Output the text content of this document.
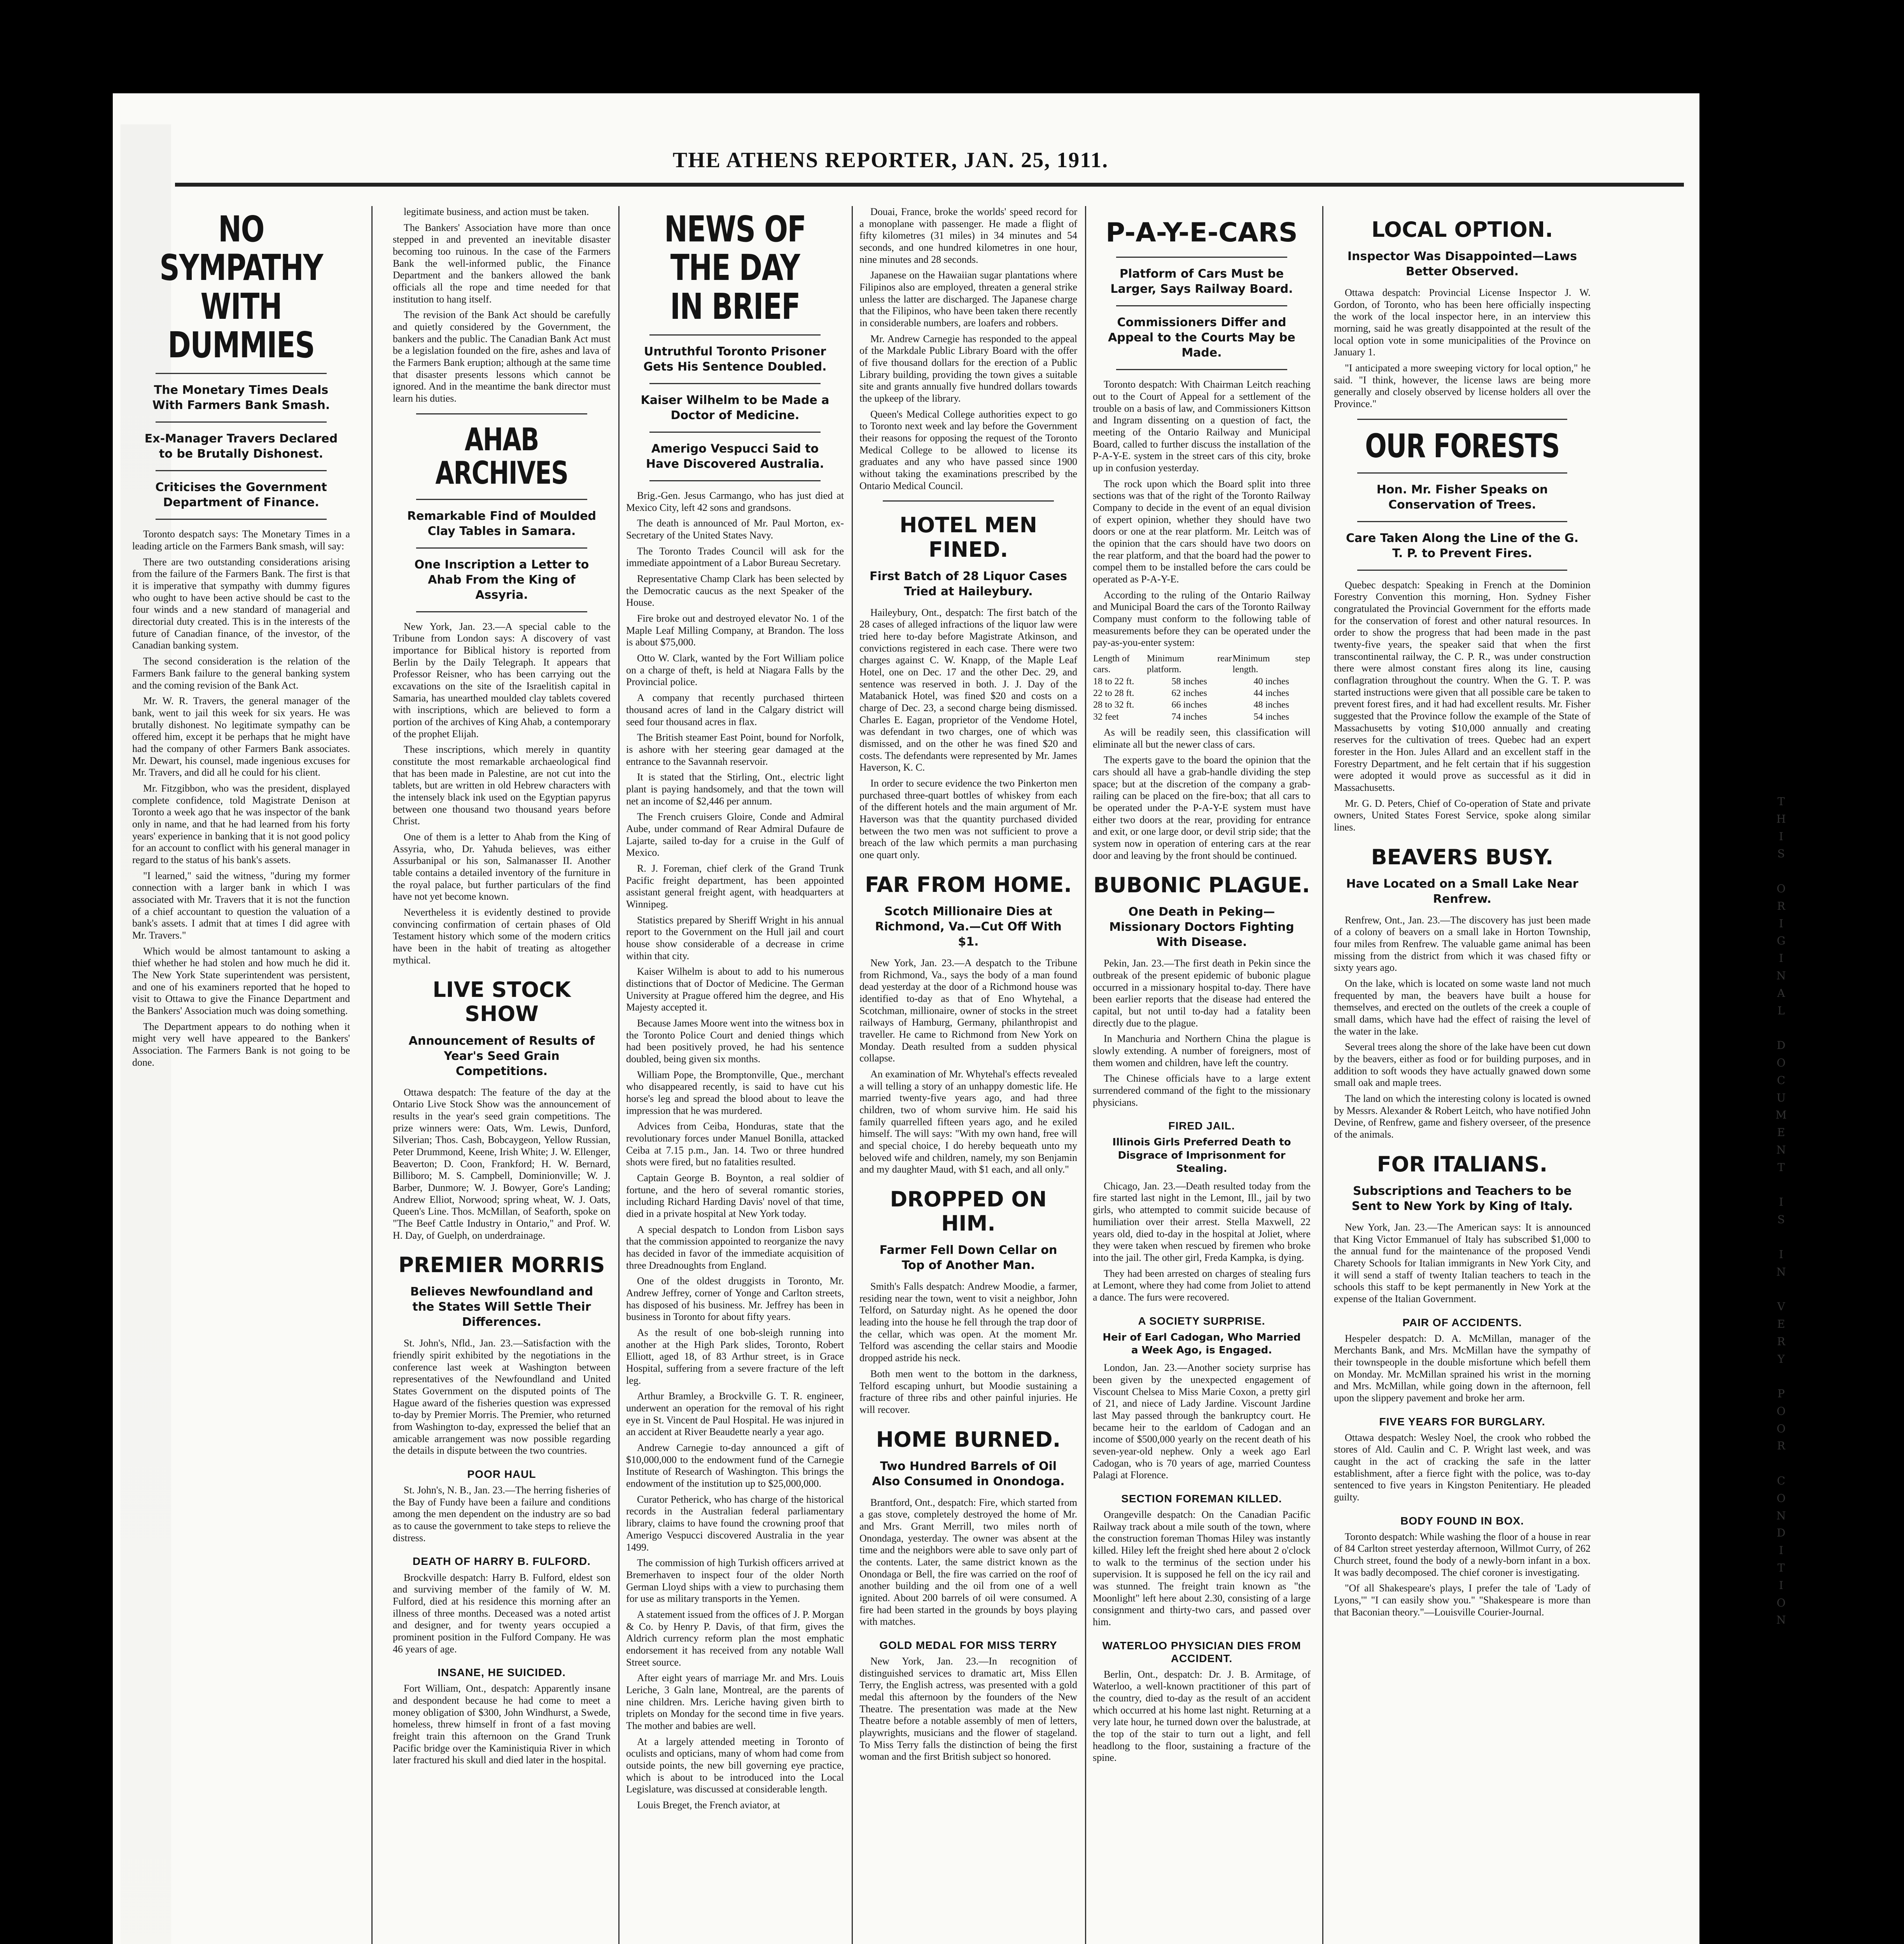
THE ATHENS REPORTER, JAN. 25, 1911.
NO SYMPATHY WITH DUMMIES
The Monetary Times Deals With Farmers Bank Smash.
Ex-Manager Travers Declared to be Brutally Dishonest.
Criticises the Government Department of Finance.

Toronto despatch says: The Monetary Times in a leading article on the Farmers Bank smash, will say:

There are two outstanding considerations arising from the failure of the Farmers Bank. The first is that it is imperative that sympathy with dummy figures who ought to have been active should be cast to the four winds and a new standard of managerial and directorial duty created. This is in the interests of the future of Canadian finance, of the investor, of the Canadian banking system.

The second consideration is the relation of the Farmers Bank failure to the general banking system and the coming revision of the Bank Act.

Mr. W. R. Travers, the general manager of the bank, went to jail this week for six years. He was brutally dishonest. No legitimate sympathy can be offered him, except it be perhaps that he might have had the company of other Farmers Bank associates. Mr. Dewart, his counsel, made ingenious excuses for Mr. Travers, and did all he could for his client.

Mr. Fitzgibbon, who was the president, displayed complete confidence, told Magistrate Denison at Toronto a week ago that he was inspector of the bank only in name, and that he had learned from his forty years' experience in banking that it is not good policy for an account to conflict with his general manager in regard to the status of his bank's assets.

"I learned," said the witness, "during my former connection with a larger bank in which I was associated with Mr. Travers that it is not the function of a chief accountant to question the valuation of a bank's assets. I admit that at times I did agree with Mr. Travers."

Which would be almost tantamount to asking a thief whether he had stolen and how much he did it. The New York State superintendent was persistent, and one of his examiners reported that he hoped to visit to Ottawa to give the Finance Department and the Bankers' Association much was doing something.

The Department appears to do nothing when it might very well have appeared to the Bankers' Association. The Farmers Bank is not going to be done.

legitimate business, and action must be taken.

The Bankers' Association have more than once stepped in and prevented an inevitable disaster becoming too ruinous. In the case of the Farmers Bank the well-informed public, the Finance Department and the bankers allowed the bank officials all the rope and time needed for that institution to hang itself.

The revision of the Bank Act should be carefully and quietly considered by the Government, the bankers and the public. The Canadian Bank Act must be a legislation founded on the fire, ashes and lava of the Farmers Bank eruption; although at the same time that disaster presents lessons which cannot be ignored. And in the meantime the bank director must learn his duties.

AHAB ARCHIVES
Remarkable Find of Moulded Clay Tables in Samara.
One Inscription a Letter to Ahab From the King of Assyria.

New York, Jan. 23.—A special cable to the Tribune from London says: A discovery of vast importance for Biblical history is reported from Berlin by the Daily Telegraph. It appears that Professor Reisner, who has been carrying out the excavations on the site of the Israelitish capital in Samaria, has unearthed moulded clay tablets covered with inscriptions, which are believed to form a portion of the archives of King Ahab, a contemporary of the prophet Elijah.

These inscriptions, which merely in quantity constitute the most remarkable archaeological find that has been made in Palestine, are not cut into the tablets, but are written in old Hebrew characters with the intensely black ink used on the Egyptian papyrus between one thousand two thousand years before Christ.

One of them is a letter to Ahab from the King of Assyria, who, Dr. Yahuda believes, was either Assurbanipal or his son, Salmanasser II. Another table contains a detailed inventory of the furniture in the royal palace, but further particulars of the find have not yet become known.

Nevertheless it is evidently destined to provide convincing confirmation of certain phases of Old Testament history which some of the modern critics have been in the habit of treating as altogether mythical.

LIVE STOCK SHOW
Announcement of Results of Year's Seed Grain Competitions.

Ottawa despatch: The feature of the day at the Ontario Live Stock Show was the announcement of results in the year's seed grain competitions. The prize winners were: Oats, Wm. Lewis, Dunford, Silverian; Thos. Cash, Bobcaygeon, Yellow Russian, Peter Drummond, Keene, Irish White; J. W. Ellenger, Beaverton; D. Coon, Frankford; H. W. Bernard, Billiboro; M. S. Campbell, Dominionville; W. J. Barber, Dunmore; W. J. Bowyer, Gore's Landing; Andrew Elliot, Norwood; spring wheat, W. J. Oats, Queen's Line. Thos. McMillan, of Seaforth, spoke on "The Beef Cattle Industry in Ontario," and Prof. W. H. Day, of Guelph, on underdrainage.

PREMIER MORRIS
Believes Newfoundland and the States Will Settle Their Differences.

St. John's, Nfld., Jan. 23.—Satisfaction with the friendly spirit exhibited by the negotiations in the conference last week at Washington between representatives of the Newfoundland and United States Government on the disputed points of The Hague award of the fisheries question was expressed to-day by Premier Morris. The Premier, who returned from Washington to-day, expressed the belief that an amicable arrangement was now possible regarding the details in dispute between the two countries.

POOR HAUL

St. John's, N. B., Jan. 23.—The herring fisheries of the Bay of Fundy have been a failure and conditions among the men dependent on the industry are so bad as to cause the government to take steps to relieve the distress.

DEATH OF HARRY B. FULFORD.

Brockville despatch: Harry B. Fulford, eldest son and surviving member of the family of W. M. Fulford, died at his residence this morning after an illness of three months. Deceased was a noted artist and designer, and for twenty years occupied a prominent position in the Fulford Company. He was 46 years of age.

INSANE, HE SUICIDED.

Fort William, Ont., despatch: Apparently insane and despondent because he had come to meet a money obligation of $300, John Windhurst, a Swede, homeless, threw himself in front of a fast moving freight train this afternoon on the Grand Trunk Pacific bridge over the Kaministiquia River in which later fractured his skull and died later in the hospital.

NEWS OF THE DAY IN BRIEF
Untruthful Toronto Prisoner Gets His Sentence Doubled.
Kaiser Wilhelm to be Made a Doctor of Medicine.
Amerigo Vespucci Said to Have Discovered Australia.

Brig.-Gen. Jesus Carmango, who has just died at Mexico City, left 42 sons and grandsons.

The death is announced of Mr. Paul Morton, ex-Secretary of the United States Navy.

The Toronto Trades Council will ask for the immediate appointment of a Labor Bureau Secretary.

Representative Champ Clark has been selected by the Democratic caucus as the next Speaker of the House.

Fire broke out and destroyed elevator No. 1 of the Maple Leaf Milling Company, at Brandon. The loss is about $75,000.

Otto W. Clark, wanted by the Fort William police on a charge of theft, is held at Niagara Falls by the Provincial police.

A company that recently purchased thirteen thousand acres of land in the Calgary district will seed four thousand acres in flax.

The British steamer East Point, bound for Norfolk, is ashore with her steering gear damaged at the entrance to the Savannah reservoir.

It is stated that the Stirling, Ont., electric light plant is paying handsomely, and that the town will net an income of $2,446 per annum.

The French cruisers Gloire, Conde and Admiral Aube, under command of Rear Admiral Dufaure de Lajarte, sailed to-day for a cruise in the Gulf of Mexico.

R. J. Foreman, chief clerk of the Grand Trunk Pacific freight department, has been appointed assistant general freight agent, with headquarters at Winnipeg.

Statistics prepared by Sheriff Wright in his annual report to the Government on the Hull jail and court house show considerable of a decrease in crime within that city.

Kaiser Wilhelm is about to add to his numerous distinctions that of Doctor of Medicine. The German University at Prague offered him the degree, and His Majesty accepted it.

Because James Moore went into the witness box in the Toronto Police Court and denied things which had been positively proved, he had his sentence doubled, being given six months.

William Pope, the Bromptonville, Que., merchant who disappeared recently, is said to have cut his horse's leg and spread the blood about to leave the impression that he was murdered.

Advices from Ceiba, Honduras, state that the revolutionary forces under Manuel Bonilla, attacked Ceiba at 7.15 p.m., Jan. 14. Two or three hundred shots were fired, but no fatalities resulted.

Captain George B. Boynton, a real soldier of fortune, and the hero of several romantic stories, including Richard Harding Davis' novel of that time, died in a private hospital at New York today.

A special despatch to London from Lisbon says that the commission appointed to reorganize the navy has decided in favor of the immediate acquisition of three Dreadnoughts from England.

One of the oldest druggists in Toronto, Mr. Andrew Jeffrey, corner of Yonge and Carlton streets, has disposed of his business. Mr. Jeffrey has been in business in Toronto for about fifty years.

As the result of one bob-sleigh running into another at the High Park slides, Toronto, Robert Elliott, aged 18, of 83 Arthur street, is in Grace Hospital, suffering from a severe fracture of the left leg.

Arthur Bramley, a Brockville G. T. R. engineer, underwent an operation for the removal of his right eye in St. Vincent de Paul Hospital. He was injured in an accident at River Beaudette nearly a year ago.

Andrew Carnegie to-day announced a gift of $10,000,000 to the endowment fund of the Carnegie Institute of Research of Washington. This brings the endowment of the institution up to $25,000,000.

Curator Petherick, who has charge of the historical records in the Australian federal parliamentary library, claims to have found the crowning proof that Amerigo Vespucci discovered Australia in the year 1499.

The commission of high Turkish officers arrived at Bremerhaven to inspect four of the older North German Lloyd ships with a view to purchasing them for use as military transports in the Yemen.

A statement issued from the offices of J. P. Morgan & Co. by Henry P. Davis, of that firm, gives the Aldrich currency reform plan the most emphatic endorsement it has received from any notable Wall Street source.

After eight years of marriage Mr. and Mrs. Louis Leriche, 3 Galn lane, Montreal, are the parents of nine children. Mrs. Leriche having given birth to triplets on Monday for the second time in five years. The mother and babies are well.

At a largely attended meeting in Toronto of oculists and opticians, many of whom had come from outside points, the new bill governing eye practice, which is about to be introduced into the Local Legislature, was discussed at considerable length.

Louis Breget, the French aviator, at

Douai, France, broke the worlds' speed record for a monoplane with passenger. He made a flight of fifty kilometres (31 miles) in 34 minutes and 54 seconds, and one hundred kilometres in one hour, nine minutes and 28 seconds.

Japanese on the Hawaiian sugar plantations where Filipinos also are employed, threaten a general strike unless the latter are discharged. The Japanese charge that the Filipinos, who have been taken there recently in considerable numbers, are loafers and robbers.

Mr. Andrew Carnegie has responded to the appeal of the Markdale Public Library Board with the offer of five thousand dollars for the erection of a Public Library building, providing the town gives a suitable site and grants annually five hundred dollars towards the upkeep of the library.

Queen's Medical College authorities expect to go to Toronto next week and lay before the Government their reasons for opposing the request of the Toronto Medical College to be allowed to license its graduates and any who have passed since 1900 without taking the examinations prescribed by the Ontario Medical Council.

HOTEL MEN FINED.
First Batch of 28 Liquor Cases Tried at Haileybury.

Haileybury, Ont., despatch: The first batch of the 28 cases of alleged infractions of the liquor law were tried here to-day before Magistrate Atkinson, and convictions registered in each case. There were two charges against C. W. Knapp, of the Maple Leaf Hotel, one on Dec. 17 and the other Dec. 29, and sentence was reserved in both. J. J. Day of the Matabanick Hotel, was fined $20 and costs on a charge of Dec. 23, a second charge being dismissed. Charles E. Eagan, proprietor of the Vendome Hotel, was defendant in two charges, one of which was dismissed, and on the other he was fined $20 and costs. The defendants were represented by Mr. James Haverson, K. C.

In order to secure evidence the two Pinkerton men purchased three-quart bottles of whiskey from each of the different hotels and the main argument of Mr. Haverson was that the quantity purchased divided between the two men was not sufficient to prove a breach of the law which permits a man purchasing one quart only.

FAR FROM HOME.
Scotch Millionaire Dies at Richmond, Va.—Cut Off With $1.

New York, Jan. 23.—A despatch to the Tribune from Richmond, Va., says the body of a man found dead yesterday at the door of a Richmond house was identified to-day as that of Eno Whytehal, a Scotchman, millionaire, owner of stocks in the street railways of Hamburg, Germany, philanthropist and traveller. He came to Richmond from New York on Monday. Death resulted from a sudden physical collapse.

An examination of Mr. Whytehal's effects revealed a will telling a story of an unhappy domestic life. He married twenty-five years ago, and had three children, two of whom survive him. He said his family quarrelled fifteen years ago, and he exiled himself. The will says: "With my own hand, free will and special choice, I do hereby bequeath unto my beloved wife and children, namely, my son Benjamin and my daughter Maud, with $1 each, and all only."

DROPPED ON HIM.
Farmer Fell Down Cellar on Top of Another Man.

Smith's Falls despatch: Andrew Moodie, a farmer, residing near the town, went to visit a neighbor, John Telford, on Saturday night. As he opened the door leading into the house he fell through the trap door of the cellar, which was open. At the moment Mr. Telford was ascending the cellar stairs and Moodie dropped astride his neck.

Both men went to the bottom in the darkness, Telford escaping unhurt, but Moodie sustaining a fracture of three ribs and other painful injuries. He will recover.

HOME BURNED.
Two Hundred Barrels of Oil Also Consumed in Onondoga.

Brantford, Ont., despatch: Fire, which started from a gas stove, completely destroyed the home of Mr. and Mrs. Grant Merrill, two miles north of Onondaga, yesterday. The owner was absent at the time and the neighbors were able to save only part of the contents. Later, the same district known as the Onondaga or Bell, the fire was carried on the roof of another building and the oil from one of a well ignited. About 200 barrels of oil were consumed. A fire had been started in the grounds by boys playing with matches.

GOLD MEDAL FOR MISS TERRY

New York, Jan. 23.—In recognition of distinguished services to dramatic art, Miss Ellen Terry, the English actress, was presented with a gold medal this afternoon by the founders of the New Theatre. The presentation was made at the New Theatre before a notable assembly of men of letters, playwrights, musicians and the flower of stageland. To Miss Terry falls the distinction of being the first woman and the first British subject so honored.

P-A-Y-E-CARS
Platform of Cars Must be Larger, Says Railway Board.
Commissioners Differ and Appeal to the Courts May be Made.

Toronto despatch: With Chairman Leitch reaching out to the Court of Appeal for a settlement of the trouble on a basis of law, and Commissioners Kittson and Ingram dissenting on a question of fact, the meeting of the Ontario Railway and Municipal Board, called to further discuss the installation of the P-A-Y-E. system in the street cars of this city, broke up in confusion yesterday.

The rock upon which the Board split into three sections was that of the right of the Toronto Railway Company to decide in the event of an equal division of expert opinion, whether they should have two doors or one at the rear platform. Mr. Leitch was of the opinion that the cars should have two doors on the rear platform, and that the board had the power to compel them to be installed before the cars could be operated as P-A-Y-E.

According to the ruling of the Ontario Railway and Municipal Board the cars of the Toronto Railway Company must conform to the following table of measurements before they can be operated under the pay-as-you-enter system:

Length of cars.	Minimum rear platform.	Minimum step length.
18 to 22 ft.	58 inches	40 inches
22 to 28 ft.	62 inches	44 inches
28 to 32 ft.	66 inches	48 inches
32 feet	74 inches	54 inches

As will be readily seen, this classification will eliminate all but the newer class of cars.

The experts gave to the board the opinion that the cars should all have a grab-handle dividing the step space; but at the discretion of the company a grab-railing can be placed on the fire-box; that all cars to be operated under the P-A-Y-E system must have either two doors at the rear, providing for entrance and exit, or one large door, or devil strip side; that the system now in operation of entering cars at the rear door and leaving by the front should be continued.

BUBONIC PLAGUE.
One Death in Peking—Missionary Doctors Fighting With Disease.

Pekin, Jan. 23.—The first death in Pekin since the outbreak of the present epidemic of bubonic plague occurred in a missionary hospital to-day. There have been earlier reports that the disease had entered the capital, but not until to-day had a fatality been directly due to the plague.

In Manchuria and Northern China the plague is slowly extending. A number of foreigners, most of them women and children, have left the country.

The Chinese officials have to a large extent surrendered command of the fight to the missionary physicians.

FIRED JAIL.
Illinois Girls Preferred Death to Disgrace of Imprisonment for Stealing.

Chicago, Jan. 23.—Death resulted today from the fire started last night in the Lemont, Ill., jail by two girls, who attempted to commit suicide because of humiliation over their arrest. Stella Maxwell, 22 years old, died to-day in the hospital at Joliet, where they were taken when rescued by firemen who broke into the jail. The other girl, Freda Kampka, is dying.

They had been arrested on charges of stealing furs at Lemont, where they had come from Joliet to attend a dance. The furs were recovered.

A SOCIETY SURPRISE.
Heir of Earl Cadogan, Who Married a Week Ago, is Engaged.

London, Jan. 23.—Another society surprise has been given by the unexpected engagement of Viscount Chelsea to Miss Marie Coxon, a pretty girl of 21, and niece of Lady Jardine. Viscount Jardine last May passed through the bankruptcy court. He became heir to the earldom of Cadogan and an income of $500,000 yearly on the recent death of his seven-year-old nephew. Only a week ago Earl Cadogan, who is 70 years of age, married Countess Palagi at Florence.

SECTION FOREMAN KILLED.

Orangeville despatch: On the Canadian Pacific Railway track about a mile south of the town, where the construction foreman Thomas Hiley was instantly killed. Hiley left the freight shed here about 2 o'clock to walk to the terminus of the section under his supervision. It is supposed he fell on the icy rail and was stunned. The freight train known as "the Moonlight" left here about 2.30, consisting of a large consignment and thirty-two cars, and passed over him.

WATERLOO PHYSICIAN DIES FROM ACCIDENT.

Berlin, Ont., despatch: Dr. J. B. Armitage, of Waterloo, a well-known practitioner of this part of the country, died to-day as the result of an accident which occurred at his home last night. Returning at a very late hour, he turned down over the balustrade, at the top of the stair to turn out a light, and fell headlong to the floor, sustaining a fracture of the spine.

LOCAL OPTION.
Inspector Was Disappointed—Laws Better Observed.

Ottawa despatch: Provincial License Inspector J. W. Gordon, of Toronto, who has been here officially inspecting the work of the local inspector here, in an interview this morning, said he was greatly disappointed at the result of the local option vote in some municipalities of the Province on January 1.

"I anticipated a more sweeping victory for local option," he said. "I think, however, the license laws are being more generally and closely observed by license holders all over the Province."

OUR FORESTS
Hon. Mr. Fisher Speaks on Conservation of Trees.
Care Taken Along the Line of the G. T. P. to Prevent Fires.

Quebec despatch: Speaking in French at the Dominion Forestry Convention this morning, Hon. Sydney Fisher congratulated the Provincial Government for the efforts made for the conservation of forest and other natural resources. In order to show the progress that had been made in the past twenty-five years, the speaker said that when the first transcontinental railway, the C. P. R., was under construction there were almost constant fires along its line, causing conflagration throughout the country. When the G. T. P. was started instructions were given that all possible care be taken to prevent forest fires, and it had had excellent results. Mr. Fisher suggested that the Province follow the example of the State of Massachusetts by voting $10,000 annually and creating reserves for the cultivation of trees. Quebec had an expert forester in the Hon. Jules Allard and an excellent staff in the Forestry Department, and he felt certain that if his suggestion were adopted it would prove as successful as it did in Massachusetts.

Mr. G. D. Peters, Chief of Co-operation of State and private owners, United States Forest Service, spoke along similar lines.

BEAVERS BUSY.
Have Located on a Small Lake Near Renfrew.

Renfrew, Ont., Jan. 23.—The discovery has just been made of a colony of beavers on a small lake in Horton Township, four miles from Renfrew. The valuable game animal has been missing from the district from which it was chased fifty or sixty years ago.

On the lake, which is located on some waste land not much frequented by man, the beavers have built a house for themselves, and erected on the outlets of the creek a couple of small dams, which have had the effect of raising the level of the water in the lake.

Several trees along the shore of the lake have been cut down by the beavers, either as food or for building purposes, and in addition to soft woods they have actually gnawed down some small oak and maple trees.

The land on which the interesting colony is located is owned by Messrs. Alexander & Robert Leitch, who have notified John Devine, of Renfrew, game and fishery overseer, of the presence of the animals.

FOR ITALIANS.
Subscriptions and Teachers to be Sent to New York by King of Italy.

New York, Jan. 23.—The American says: It is announced that King Victor Emmanuel of Italy has subscribed $1,000 to the annual fund for the maintenance of the proposed Vendi Charety Schools for Italian immigrants in New York City, and it will send a staff of twenty Italian teachers to teach in the schools this staff to be kept permanently in New York at the expense of the Italian Government.

PAIR OF ACCIDENTS.

Hespeler despatch: D. A. McMillan, manager of the Merchants Bank, and Mrs. McMillan have the sympathy of their townspeople in the double misfortune which befell them on Monday. Mr. McMillan sprained his wrist in the morning and Mrs. McMillan, while going down in the afternoon, fell upon the slippery pavement and broke her arm.

FIVE YEARS FOR BURGLARY.

Ottawa despatch: Wesley Noel, the crook who robbed the stores of Ald. Caulin and C. P. Wright last week, and was caught in the act of cracking the safe in the latter establishment, after a fierce fight with the police, was to-day sentenced to five years in Kingston Penitentiary. He pleaded guilty.

BODY FOUND IN BOX.

Toronto despatch: While washing the floor of a house in rear of 84 Carlton street yesterday afternoon, Willmot Curry, of 262 Church street, found the body of a newly-born infant in a box. It was badly decomposed. The chief coroner is investigating.

"Of all Shakespeare's plays, I prefer the tale of 'Lady of Lyons,'" "I can easily show you." "Shakespeare is more than that Baconian theory."—Louisville Courier-Journal.

T
H
I
S

O
R
I
G
I
N
A
L

D
O
C
U
M
E
N
T

I
S

I
N

V
E
R
Y

P
O
O
R

C
O
N
D
I
T
I
O
N
